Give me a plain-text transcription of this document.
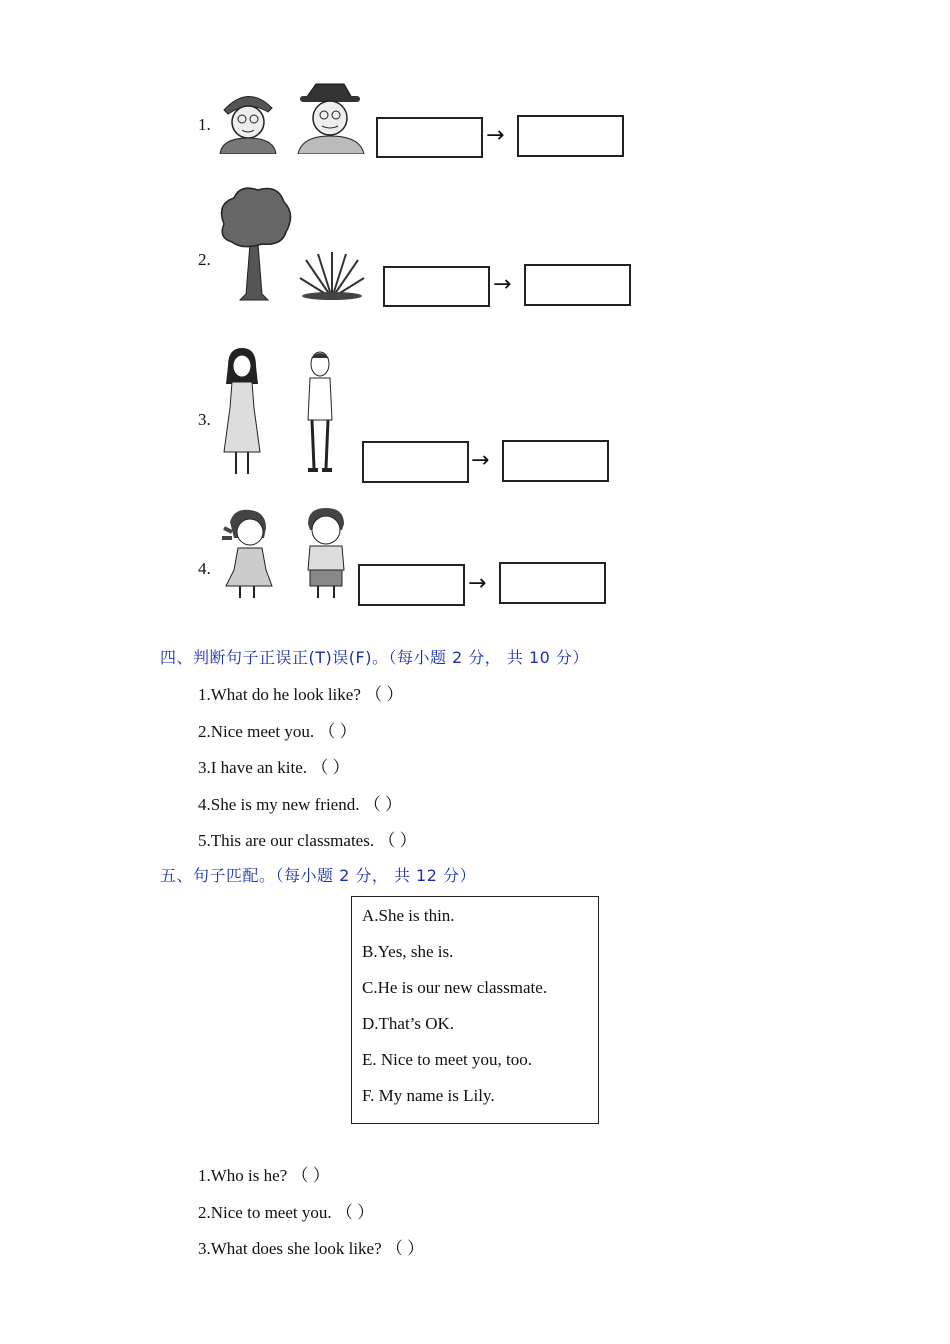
1.	→
2.
→
3.
→
4.
→
四、判断句子正误正(T)误(F)。（每小题 2 分， 共 10 分）
1.What do he look like? （ ）
2.Nice meet you. （ ）
3.I have an kite. （ ）
4.She is my new friend. （ ）
5.This are our classmates. （ ）
五、句子匹配。（每小题 2 分， 共 12 分）
A.She is thin.
B.Yes, she is.
C.He is our new classmate.
D.That’s OK.
E. Nice to meet you, too.
F. My name is Lily.
1.Who is he? （ ）
2.Nice to meet you. （ ）
3.What does she look like? （ ）
